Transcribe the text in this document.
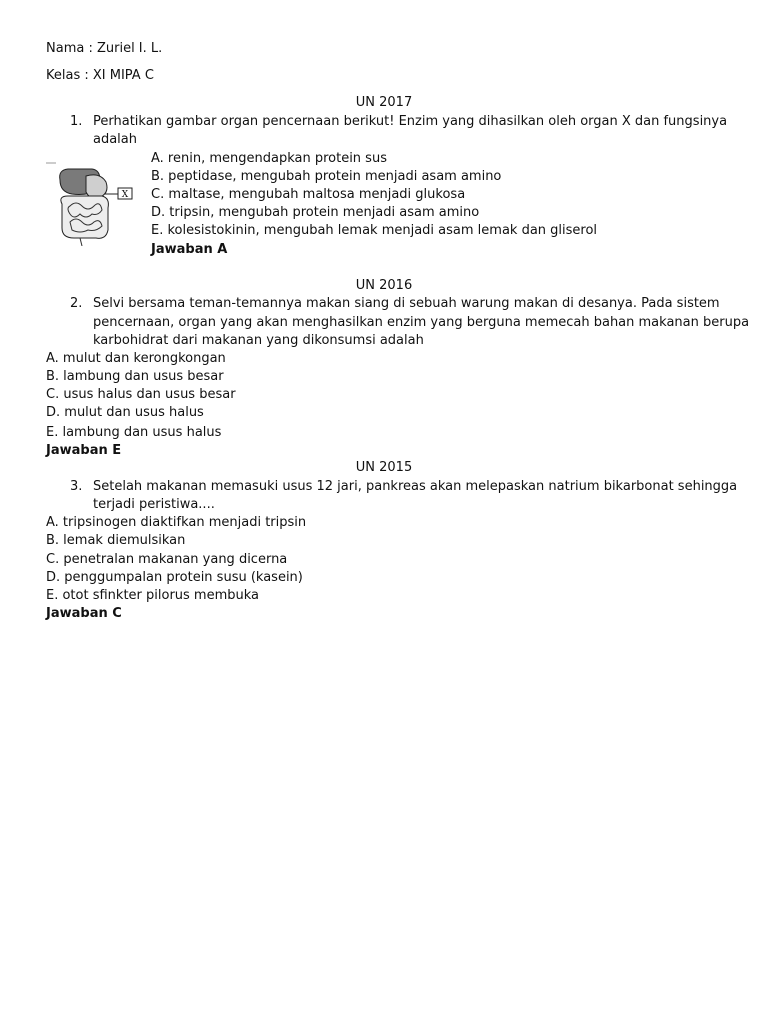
Nama : Zuriel I. L.
Kelas : XI MIPA C
UN 2017
1. Perhatikan gambar organ pencernaan berikut! Enzim yang dihasilkan oleh organ X dan fungsinya
adalah
X
A. renin, mengendapkan protein sus
B. peptidase, mengubah protein menjadi asam amino
C. maltase, mengubah maltosa menjadi glukosa
D. tripsin, mengubah protein menjadi asam amino
E. kolesistokinin, mengubah lemak menjadi asam lemak dan gliserol
Jawaban A
UN 2016
2. Selvi bersama teman-temannya makan siang di sebuah warung makan di desanya. Pada sistem
pencernaan, organ yang akan menghasilkan enzim yang berguna memecah bahan makanan berupa
karbohidrat dari makanan yang dikonsumsi adalah
A. mulut dan kerongkongan
B. lambung dan usus besar
C. usus halus dan usus besar
D. mulut dan usus halus
E. lambung dan usus halus
Jawaban E
UN 2015
3. Setelah makanan memasuki usus 12 jari, pankreas akan melepaskan natrium bikarbonat sehingga
terjadi peristiwa....
A. tripsinogen diaktifkan menjadi tripsin
B. lemak diemulsikan
C. penetralan makanan yang dicerna
D. penggumpalan protein susu (kasein)
E. otot sfinkter pilorus membuka
Jawaban C
